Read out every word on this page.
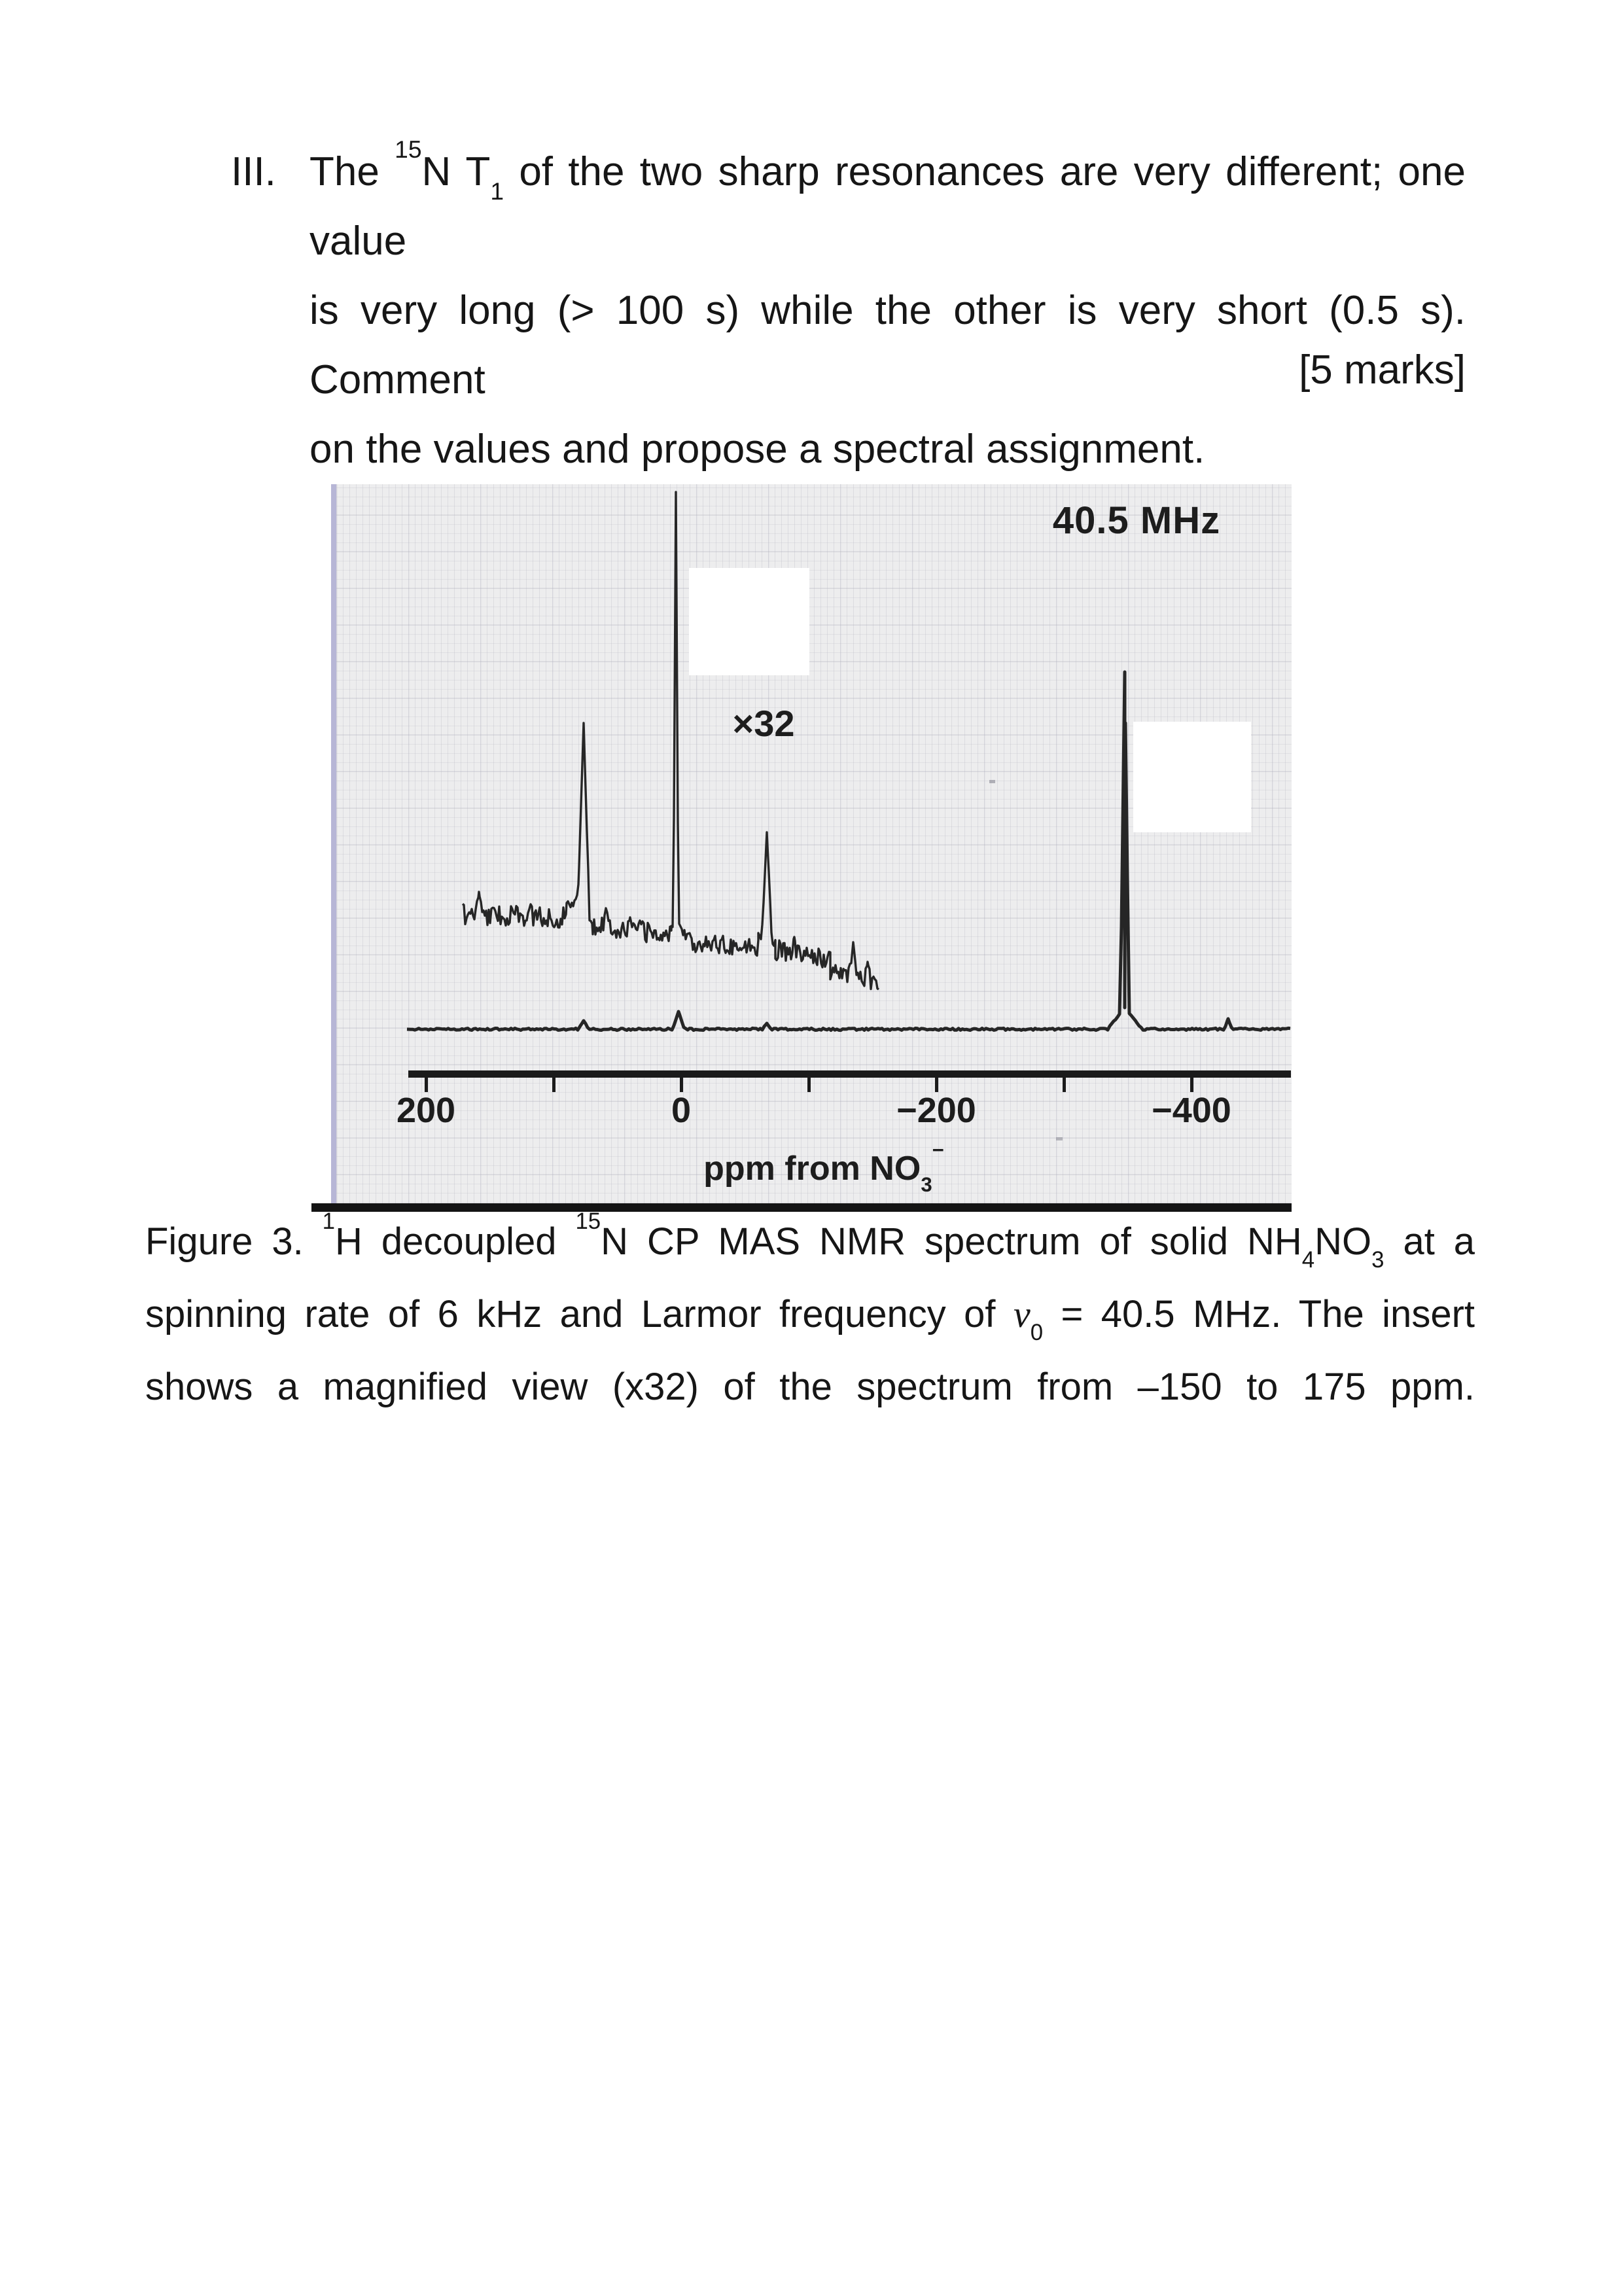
III. The $^{15}$N $T_1$ of the two sharp resonances are very different; one value
is very long (> 100 s) while the other is very short (0.5 s). Comment
on the values and propose a spectral assignment.
[5 marks]
40.5 MHz
×32
200	0	−200	−400
ppm from $NO_3^-$
Figure 3. $^1$H decoupled $^{15}$N CP MAS NMR spectrum of solid $NH_4NO_3$ at a
spinning rate of 6 kHz and Larmor frequency of $\nu_0 = 40.5$ MHz. The insert
shows a magnified view (x32) of the spectrum from –150 to 175 ppm.
